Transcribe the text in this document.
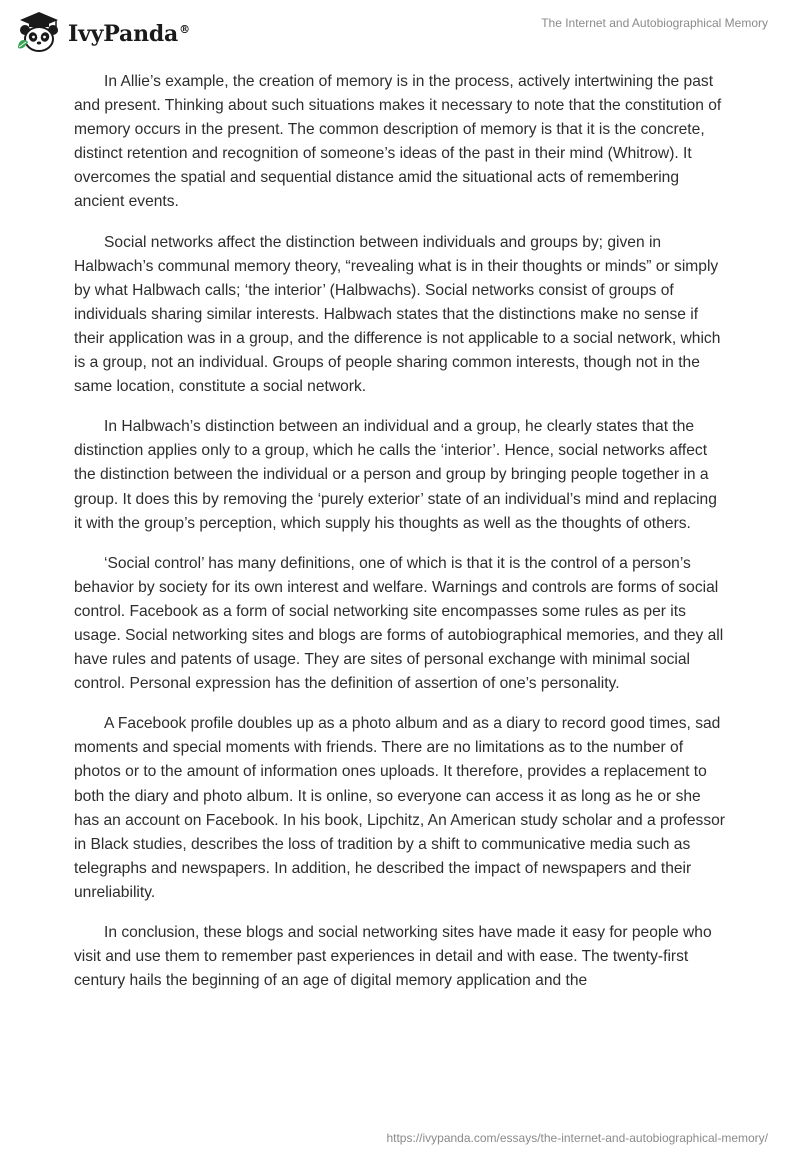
IvyPanda®	The Internet and Autobiographical Memory

In Allie’s example, the creation of memory is in the process, actively intertwining the past and present. Thinking about such situations makes it necessary to note that the constitution of memory occurs in the present. The common description of memory is that it is the concrete, distinct retention and recognition of someone’s ideas of the past in their mind (Whitrow). It overcomes the spatial and sequential distance amid the situational acts of remembering ancient events.

Social networks affect the distinction between individuals and groups by; given in Halbwach’s communal memory theory, “revealing what is in their thoughts or minds” or simply by what Halbwach calls; ‘the interior’ (Halbwachs). Social networks consist of groups of individuals sharing similar interests. Halbwach states that the distinctions make no sense if their application was in a group, and the difference is not applicable to a social network, which is a group, not an individual. Groups of people sharing common interests, though not in the same location, constitute a social network.

In Halbwach’s distinction between an individual and a group, he clearly states that the distinction applies only to a group, which he calls the ‘interior’. Hence, social networks affect the distinction between the individual or a person and group by bringing people together in a group. It does this by removing the ‘purely exterior’ state of an individual’s mind and replacing it with the group’s perception, which supply his thoughts as well as the thoughts of others.

‘Social control’ has many definitions, one of which is that it is the control of a person’s behavior by society for its own interest and welfare. Warnings and controls are forms of social control. Facebook as a form of social networking site encompasses some rules as per its usage. Social networking sites and blogs are forms of autobiographical memories, and they all have rules and patents of usage. They are sites of personal exchange with minimal social control. Personal expression has the definition of assertion of one’s personality.

A Facebook profile doubles up as a photo album and as a diary to record good times, sad moments and special moments with friends. There are no limitations as to the number of photos or to the amount of information ones uploads. It therefore, provides a replacement to both the diary and photo album. It is online, so everyone can access it as long as he or she has an account on Facebook. In his book, Lipchitz, An American study scholar and a professor in Black studies, describes the loss of tradition by a shift to communicative media such as telegraphs and newspapers. In addition, he described the impact of newspapers and their unreliability.

In conclusion, these blogs and social networking sites have made it easy for people who visit and use them to remember past experiences in detail and with ease. The twenty-first century hails the beginning of an age of digital memory application and the

https://ivypanda.com/essays/the-internet-and-autobiographical-memory/
